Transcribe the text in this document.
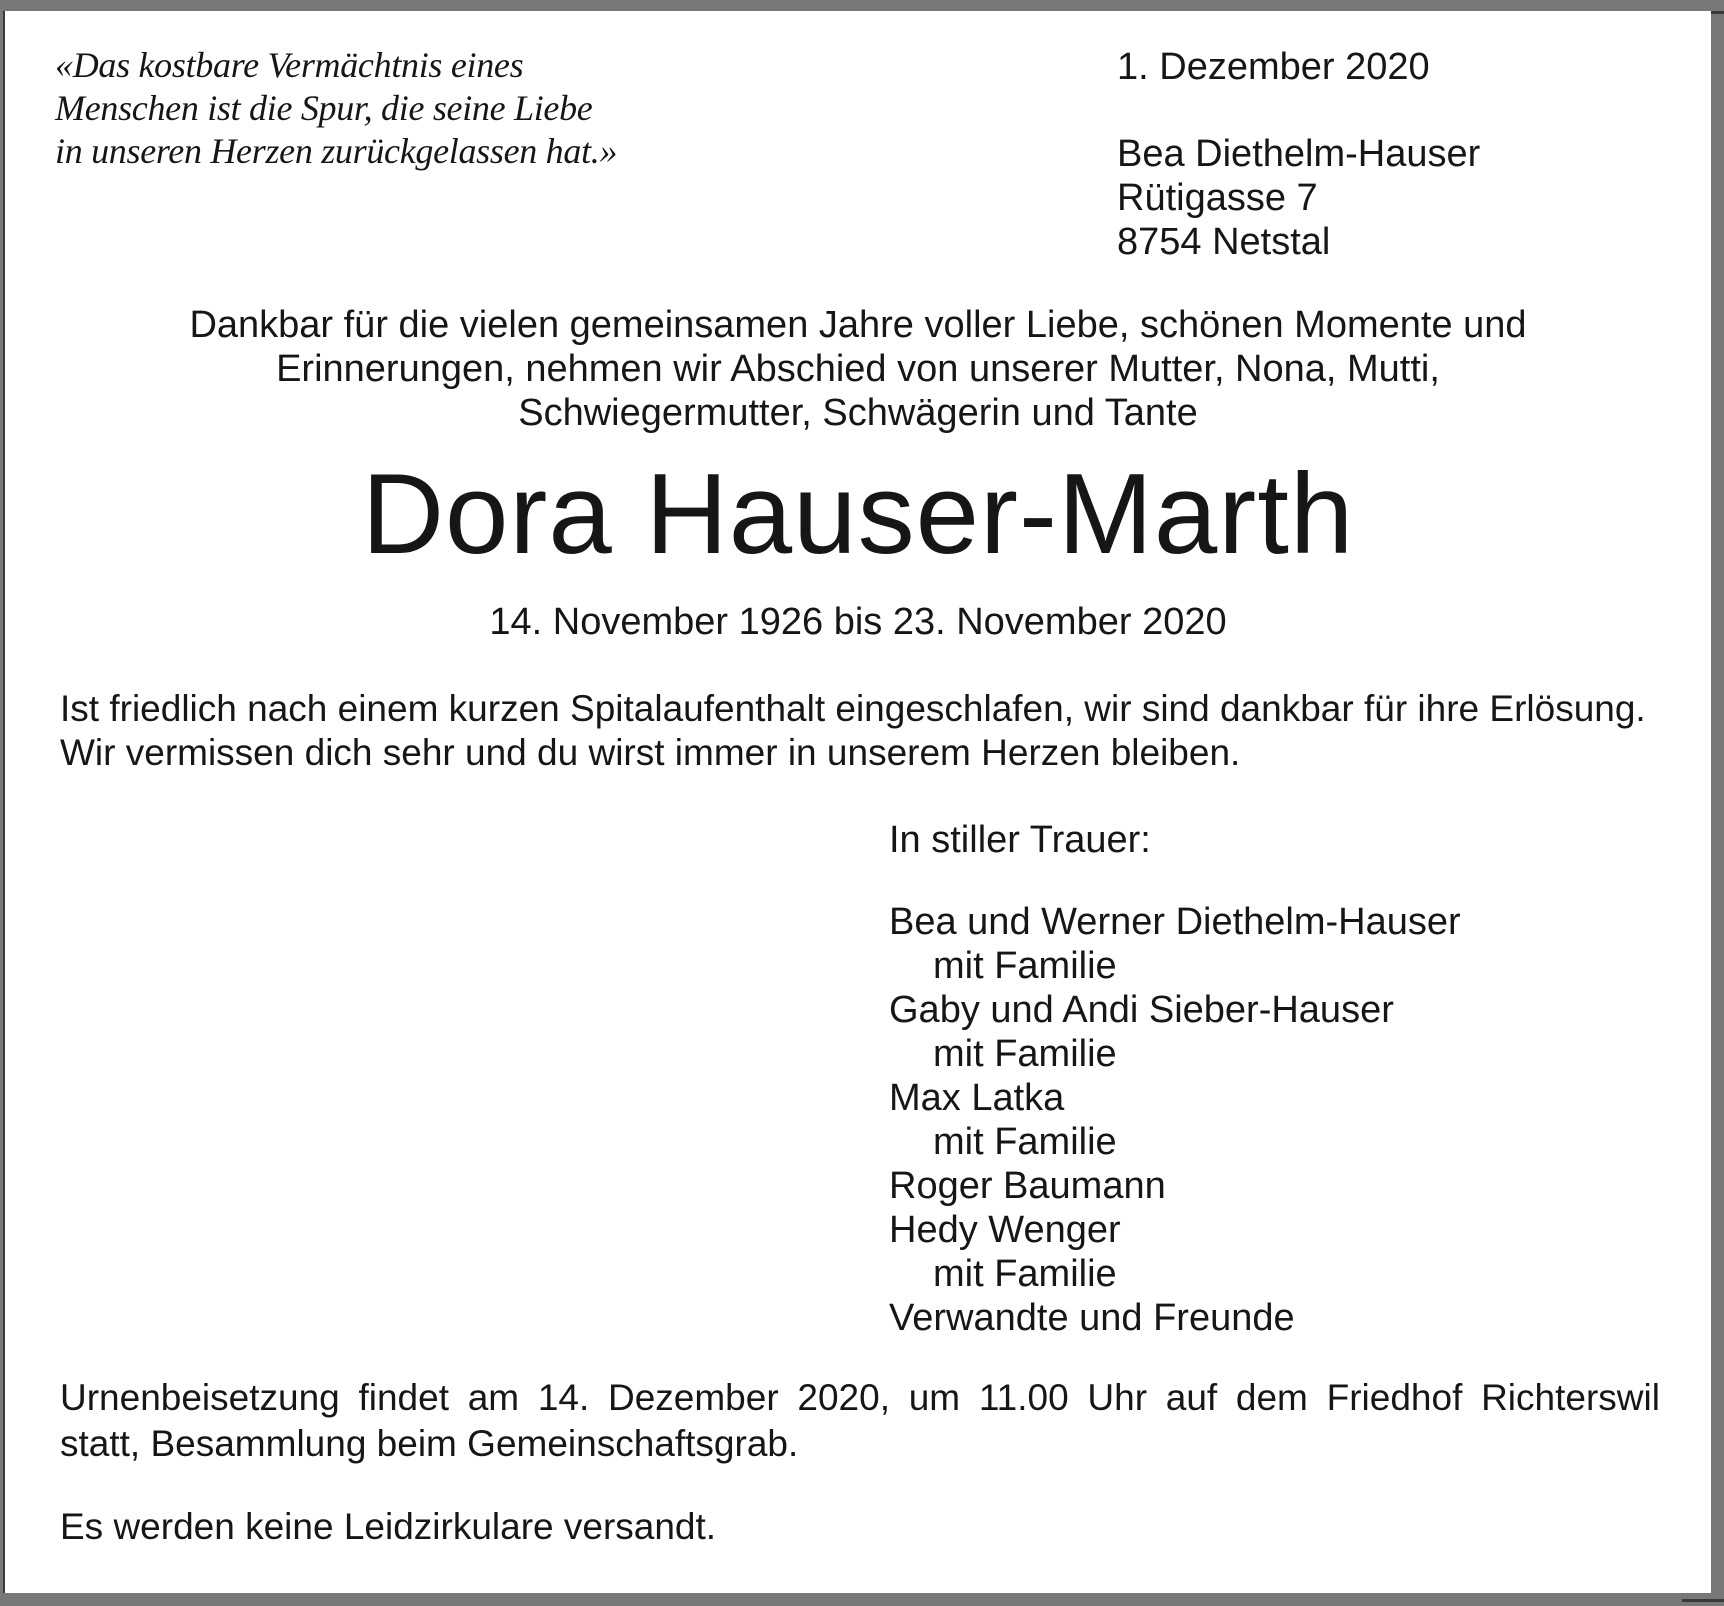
«Das kostbare Vermächtnis eines
Menschen ist die Spur, die seine Liebe
in unseren Herzen zurückgelassen hat.»
1. Dezember 2020
Bea Diethelm-Hauser
Rütigasse 7
8754 Netstal
Dankbar für die vielen gemeinsamen Jahre voller Liebe, schönen Momente und
Erinnerungen, nehmen wir Abschied von unserer Mutter, Nona, Mutti,
Schwiegermutter, Schwägerin und Tante
Dora Hauser-Marth
14. November 1926 bis 23. November 2020
Ist friedlich nach einem kurzen Spitalaufenthalt eingeschlafen, wir sind dankbar für ihre Erlösung.
Wir vermissen dich sehr und du wirst immer in unserem Herzen bleiben.
In stiller Trauer:
Bea und Werner Diethelm-Hauser
mit Familie
Gaby und Andi Sieber-Hauser
mit Familie
Max Latka
mit Familie
Roger Baumann
Hedy Wenger
mit Familie
Verwandte und Freunde
Urnenbeisetzung findet am 14. Dezember 2020, um 11.00 Uhr auf dem Friedhof Richterswil
statt, Besammlung beim Gemeinschaftsgrab.
Es werden keine Leidzirkulare versandt.
